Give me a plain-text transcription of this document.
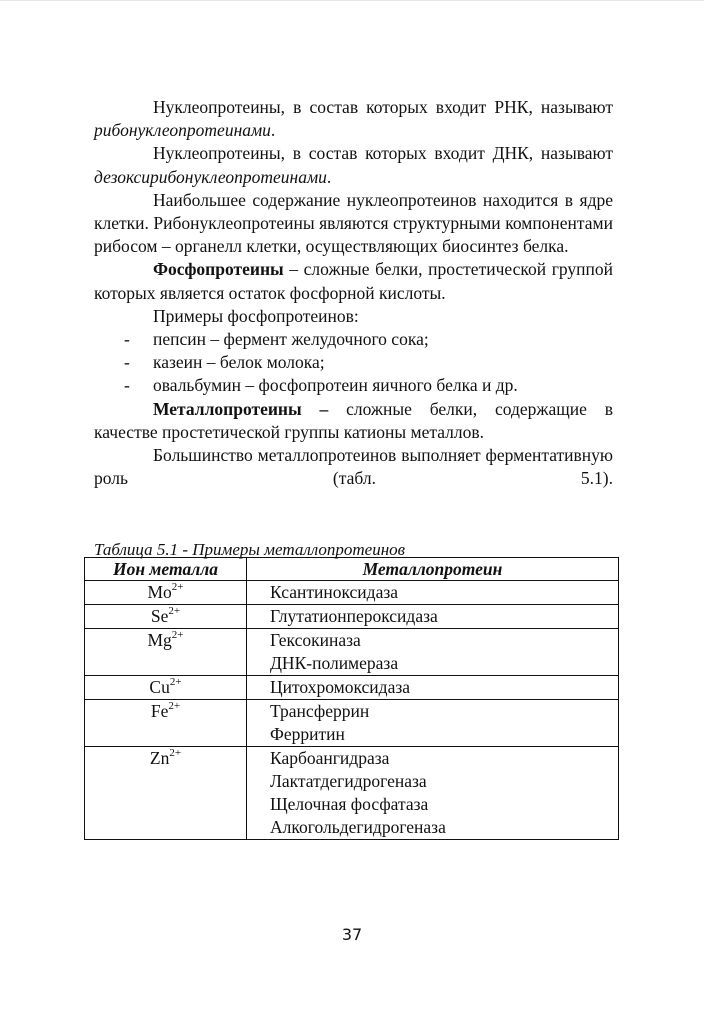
Нуклеопротеины, в состав которых входит РНК, называют рибонуклеопротеинами.

Нуклеопротеины, в состав которых входит ДНК, называют дезоксирибонуклеопротеинами.

Наибольшее содержание нуклеопротеинов находится в ядре клетки. Рибонуклеопротеины являются структурными компонентами рибосом – органелл клетки, осуществляющих биосинтез белка.

Фосфопротеины – сложные белки, простетической группой которых является остаток фосфорной кислоты.

Примеры фосфопротеинов:

- пепсин – фермент желудочного сока;
- казеин – белок молока;
- овальбумин – фосфопротеин яичного белка и др.

Металлопротеины – сложные белки, содержащие в качестве простетической группы катионы металлов.

Большинство металлопротеинов выполняет ферментативную роль (табл. 5.1).

Таблица 5.1 - Примеры металлопротеинов
Ион металла	Металлопротеин
$Mo^{2+}$	Ксантиноксидаза

$Se^{2+}$	Глутатионпероксидаза

$Mg^{2+}$	Гексокиназа
ДНК-полимераза

$Cu^{2+}$	Цитохромоксидаза

$Fe^{2+}$	Трансферрин
Ферритин

$Zn^{2+}$	Карбоангидраза
Лактатдегидрогеназа
Щелочная фосфатаза
Алкогольдегидрогеназа
37
